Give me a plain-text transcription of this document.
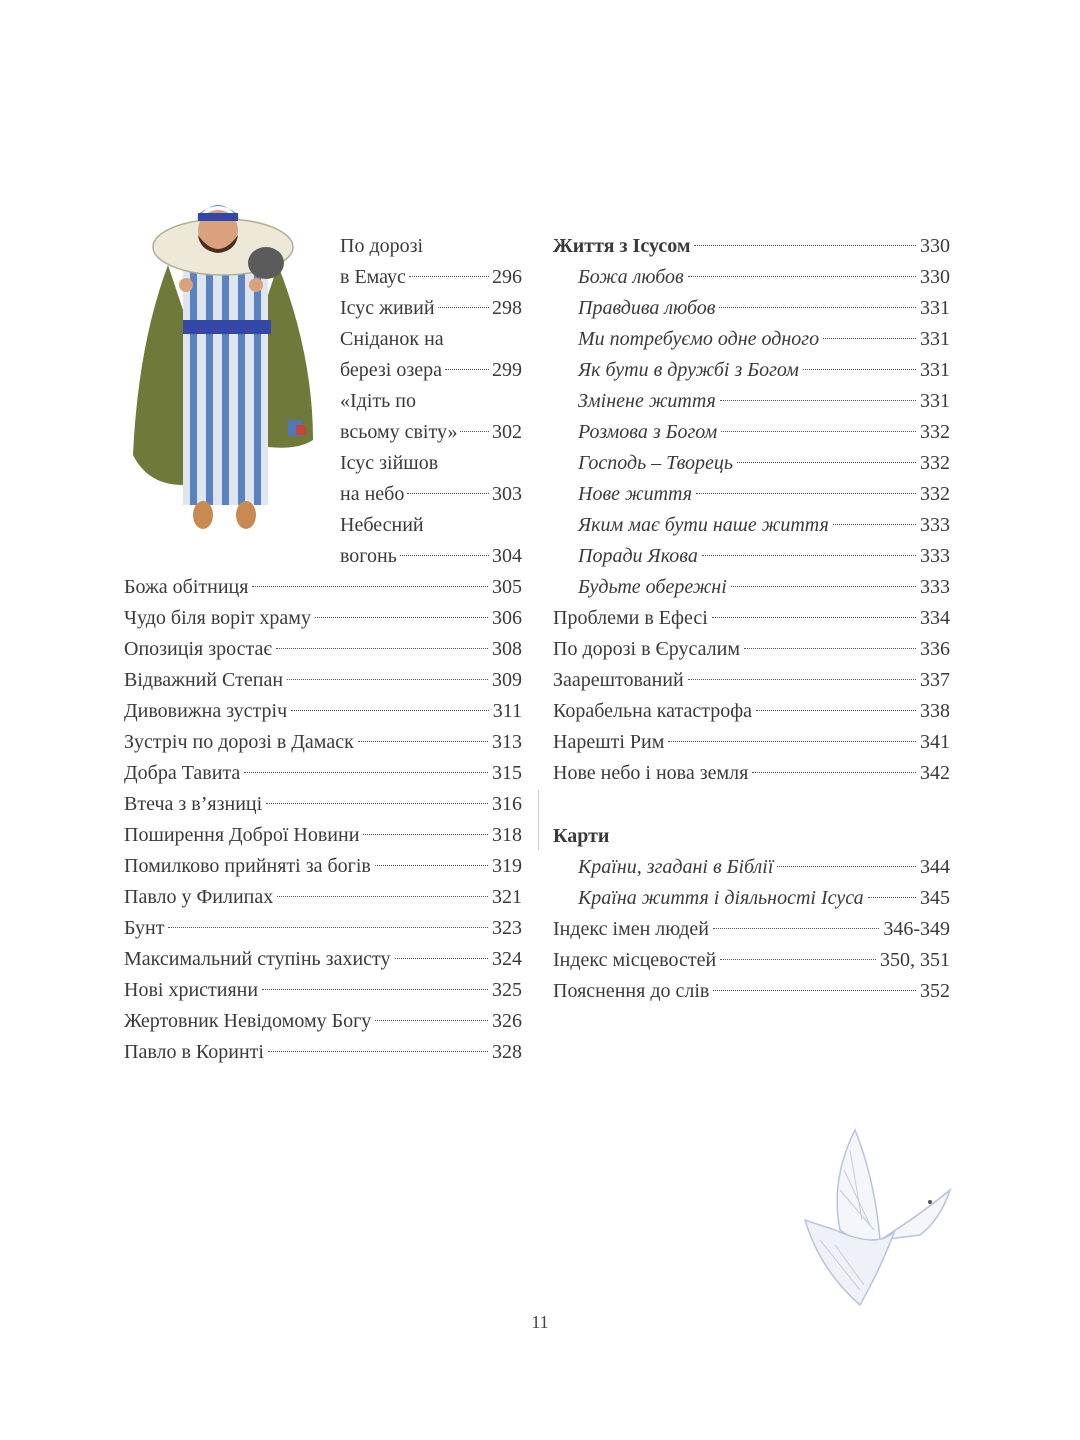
По дорозі
в Емаус	296
Ісус живий	298
Сніданок на
березі озера 299
«Ідіть по
всьому світу» 302
Ісус зійшов
на небо	303
Небесний
вогонь	304
Божа обітниця	305
Чудо біля воріт храму	306
Опозиція зростає	308
Відважний Степан	309
Дивовижна зустріч	311
Зустріч по дорозі в Дамаск	313
Добра Тавита	315
Втеча з в’язниці	316
Поширення Доброї Новини	318
Помилково прийняті за богів	319
Павло у Филипах	321
Бунт	323
Максимальний ступінь захисту	324
Нові християни	325
Жертовник Невідомому Богу	326
Павло в Коринті	328
Життя з Ісусом	330
Божа любов	330
Правдива любов	331
Ми потребуємо одне одного	331
Як бути в дружбі з Богом	331
Змінене життя	331
Розмова з Богом	332
Господь – Творець	332
Нове життя	332
Яким має бути наше життя	333
Поради Якова	333
Будьте обережні	333
Проблеми в Ефесі	334
По дорозі в Єрусалим	336
Заарештований	337
Корабельна катастрофа	338
Нарешті Рим	341
Нове небо і нова земля	342
Карти
Країни, згадані в Біблії	344
Країна життя і діяльності Ісуса	345
Індекс імен людей	346-349
Індекс місцевостей	350, 351
Пояснення до слів	352
11
